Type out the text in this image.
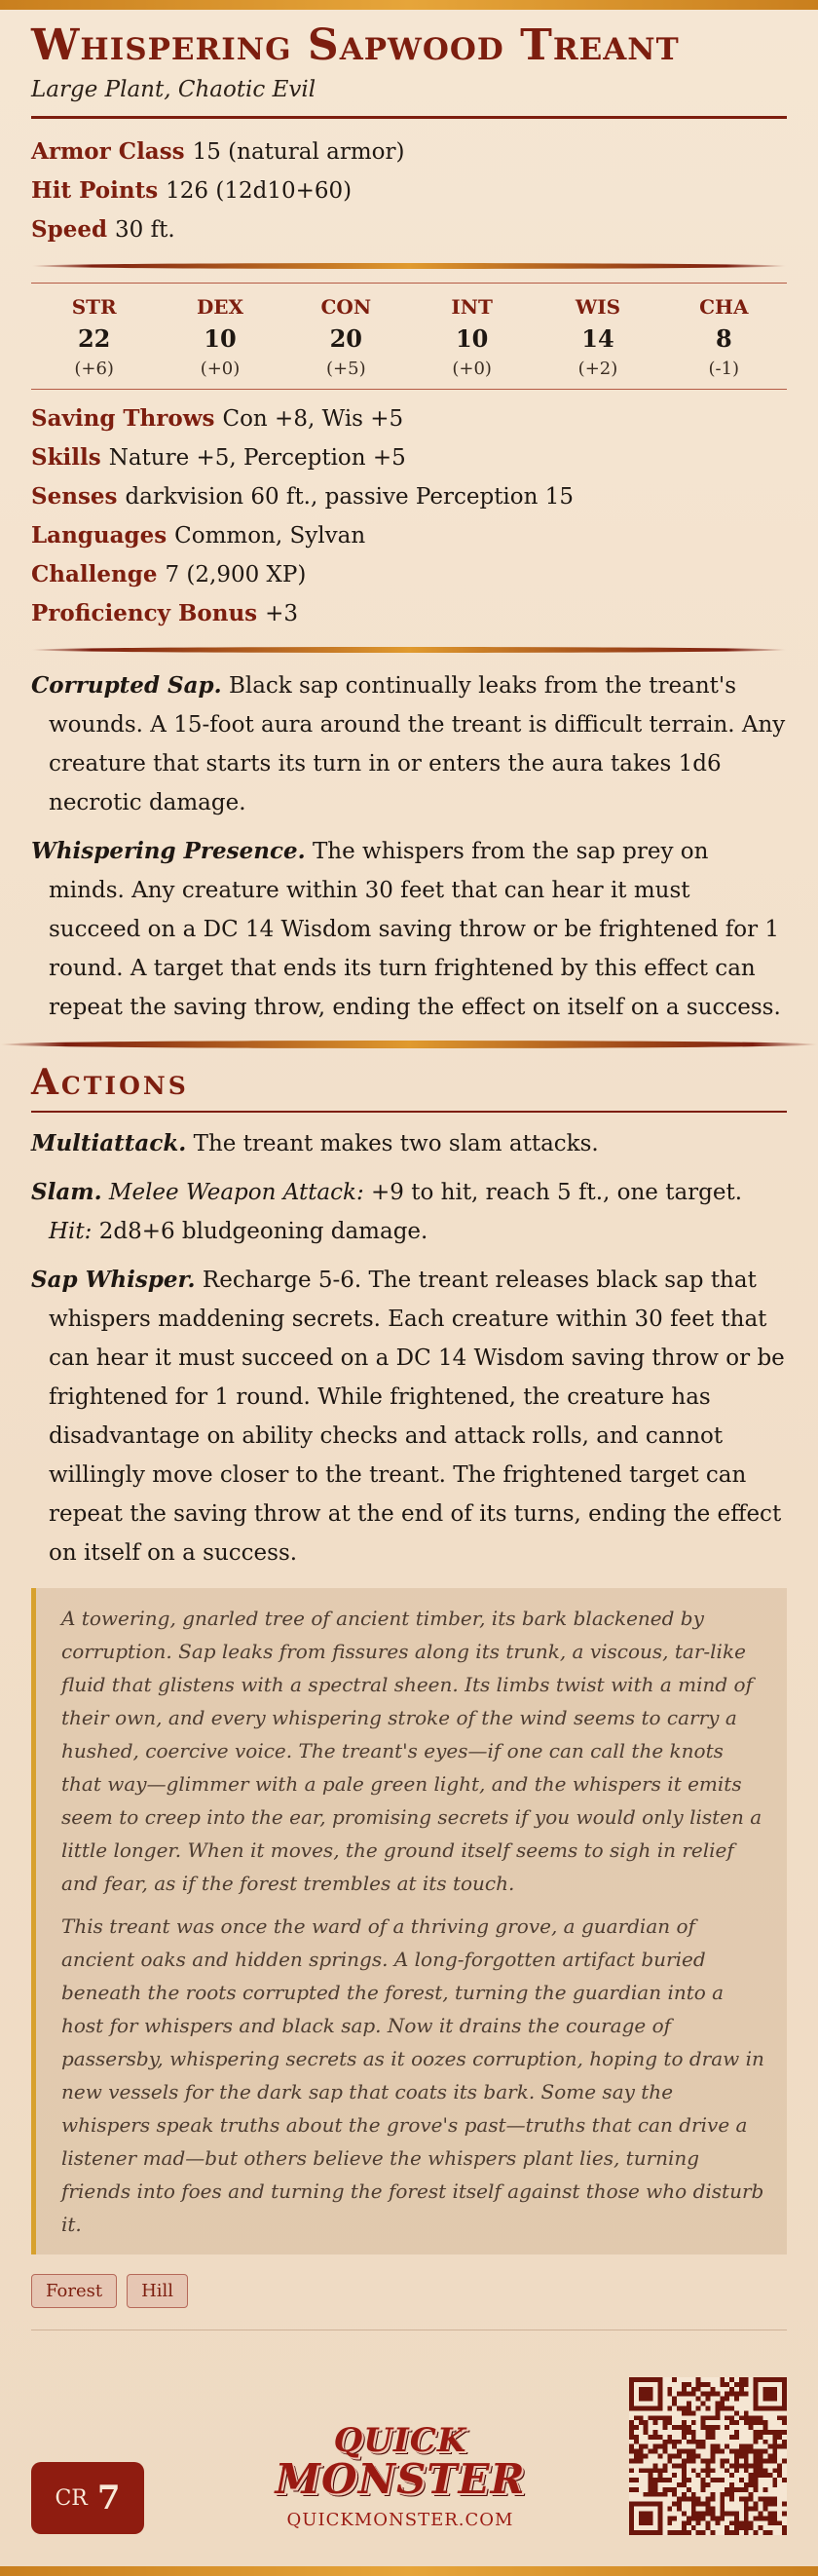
Whispering Sapwood Treant
Large Plant, Chaotic Evil
Armor Class 15 (natural armor)
Hit Points 126 (12d10+60)
Speed 30 ft.
STR
22
(+6)
DEX
10
(+0)
CON
20
(+5)
INT
10
(+0)
WIS
14
(+2)
CHA
8
(-1)
Saving Throws Con +8, Wis +5
Skills Nature +5, Perception +5
Senses darkvision 60 ft., passive Perception 15
Languages Common, Sylvan
Challenge 7 (2,900 XP)
Proficiency Bonus +3
Corrupted Sap. Black sap continually leaks from the treant's wounds. A 15-foot aura around the treant is difficult terrain. Any creature that starts its turn in or enters the aura takes 1d6 necrotic damage.
Whispering Presence. The whispers from the sap prey on minds. Any creature within 30 feet that can hear it must succeed on a DC 14 Wisdom saving throw or be frightened for 1 round. A target that ends its turn frightened by this effect can repeat the saving throw, ending the effect on itself on a success.
Actions
Multiattack. The treant makes two slam attacks.
Slam. Melee Weapon Attack: +9 to hit, reach 5 ft., one target. Hit: 2d8+6 bludgeoning damage.
Sap Whisper. Recharge 5-6. The treant releases black sap that whispers maddening secrets. Each creature within 30 feet that can hear it must succeed on a DC 14 Wisdom saving throw or be frightened for 1 round. While frightened, the creature has disadvantage on ability checks and attack rolls, and cannot willingly move closer to the treant. The frightened target can repeat the saving throw at the end of its turns, ending the effect on itself on a success.

A towering, gnarled tree of ancient timber, its bark blackened by corruption. Sap leaks from fissures along its trunk, a viscous, tar-like fluid that glistens with a spectral sheen. Its limbs twist with a mind of their own, and every whispering stroke of the wind seems to carry a hushed, coercive voice. The treant's eyes—if one can call the knots that way—glimmer with a pale green light, and the whispers it emits seem to creep into the ear, promising secrets if you would only listen a little longer. When it moves, the ground itself seems to sigh in relief and fear, as if the forest trembles at its touch.

This treant was once the ward of a thriving grove, a guardian of ancient oaks and hidden springs. A long-forgotten artifact buried beneath the roots corrupted the forest, turning the guardian into a host for whispers and black sap. Now it drains the courage of passersby, whispering secrets as it oozes corruption, hoping to draw in new vessels for the dark sap that coats its bark. Some say the whispers speak truths about the grove's past—truths that can drive a listener mad—but others believe the whispers plant lies, turning friends into foes and turning the forest itself against those who disturb it.

Forest	Hill
CR 7
QUICK
MONSTER
QUICKMONSTER.COM
